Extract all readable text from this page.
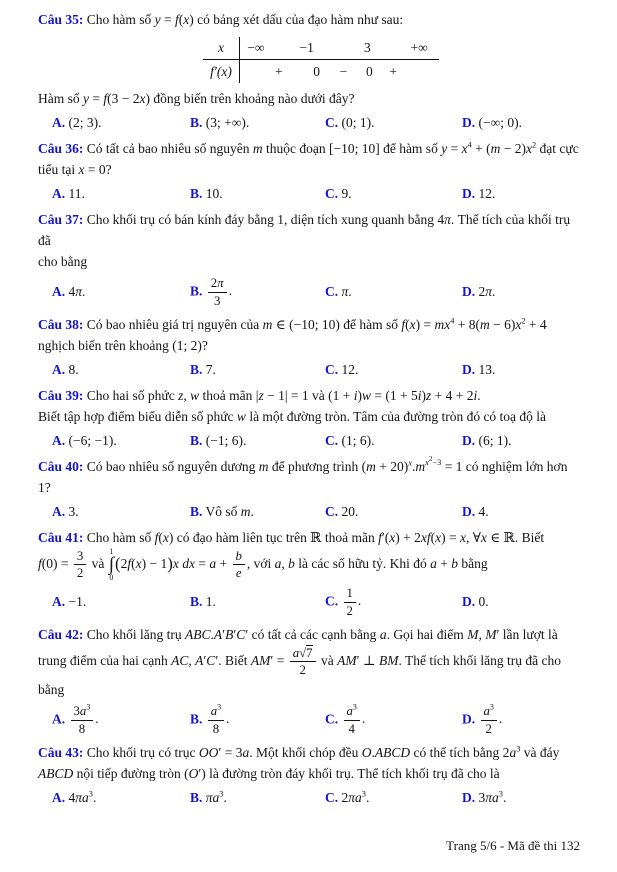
Câu 35: Cho hàm số y = f(x) có bảng xét dấu của đạo hàm như sau:
x	−∞	−1	3	+∞
f′(x)	+ 0 − 0 +
Hàm số y = f(3 − 2x) đồng biến trên khoảng nào dưới đây?
A. (2; 3).	B. (3; +∞).	C. (0; 1).	D. (−∞; 0).
Câu 36: Có tất cả bao nhiêu số nguyên m thuộc đoạn [−10; 10] để hàm số $y = x^4 + (m - 2)x^2$ đạt cực
tiểu tại x = 0?
A. 11.	B. 10.	C. 9.	D. 12.
Câu 37: Cho khối trụ có bán kính đáy bằng 1, diện tích xung quanh bằng 4π. Thể tích của khối trụ đã
cho bằng
A. 4π.	B. $\frac{2\pi}{3}$ .	C. π.	D. 2π.
Câu 38: Có bao nhiêu giá trị nguyên của m ∈ (−10; 10) để hàm số $f(x) = mx^4 + 8(m - 6)x^2 + 4$
nghịch biến trên khoảng (1; 2)?
A. 8.	B. 7.	C. 12.	D. 13.
Câu 39: Cho hai số phức z, w thoả mãn |z − 1| = 1 và (1 + i)w = (1 + 5i)z + 4 + 2i.
Biết tập hợp điểm biểu diễn số phức w là một đường tròn. Tâm của đường tròn đó có toạ độ là
A. (−6; −1).	B. (−1; 6).	C. (1; 6).	D. (6; 1).
Câu 40: Có bao nhiêu số nguyên dương m để phương trình $(m + 20)^x.m^{x^2-3} = 1$ có nghiệm lớn hơn 1?
A. 3.	B. Vô số m.	C. 20.	D. 4.
Câu 41: Cho hàm số f(x) có đạo hàm liên tục trên ℝ thoả mãn f′(x) + 2xf(x) = x, ∀x ∈ ℝ. Biết
$f(0) = \frac{3}{2}$ và
1
∫
0
(2f(x) − 1)x dx = $a + \frac{b}{e}$ , với a, b là các số hữu tỷ. Khi đó a + b bằng
A. −1.	B. 1.	C. $\frac{1}{2}$ .	D. 0.
Câu 42: Cho khối lăng trụ ABC.A′B′C′ có tất cả các cạnh bằng a. Gọi hai điểm M, M′ lần lượt là
trung điểm của hai cạnh AC, A′C′. Biết $AM' = \frac{a√7}{2}$ và AM′ ⊥ BM. Thể tích khối lăng trụ đã cho
bằng
A. $\frac{3a^3}{8}$ .	B. $\frac{a^3}{8}$ .	C. $\frac{a^3}{4}$ .	D. $\frac{a^3}{2}$ .
Câu 43: Cho khối trụ có trục OO′ = 3a. Một khối chóp đều O.ABCD có thể tích bằng $2a^3$ và đáy
ABCD nội tiếp đường tròn (O′) là đường tròn đáy khối trụ. Thể tích khối trụ đã cho là
A. $4\pi a^3$.	B. $\pi a^3$.	C. $2\pi a^3$.	D. $3\pi a^3$.
Trang 5/6 - Mã đề thi 132
